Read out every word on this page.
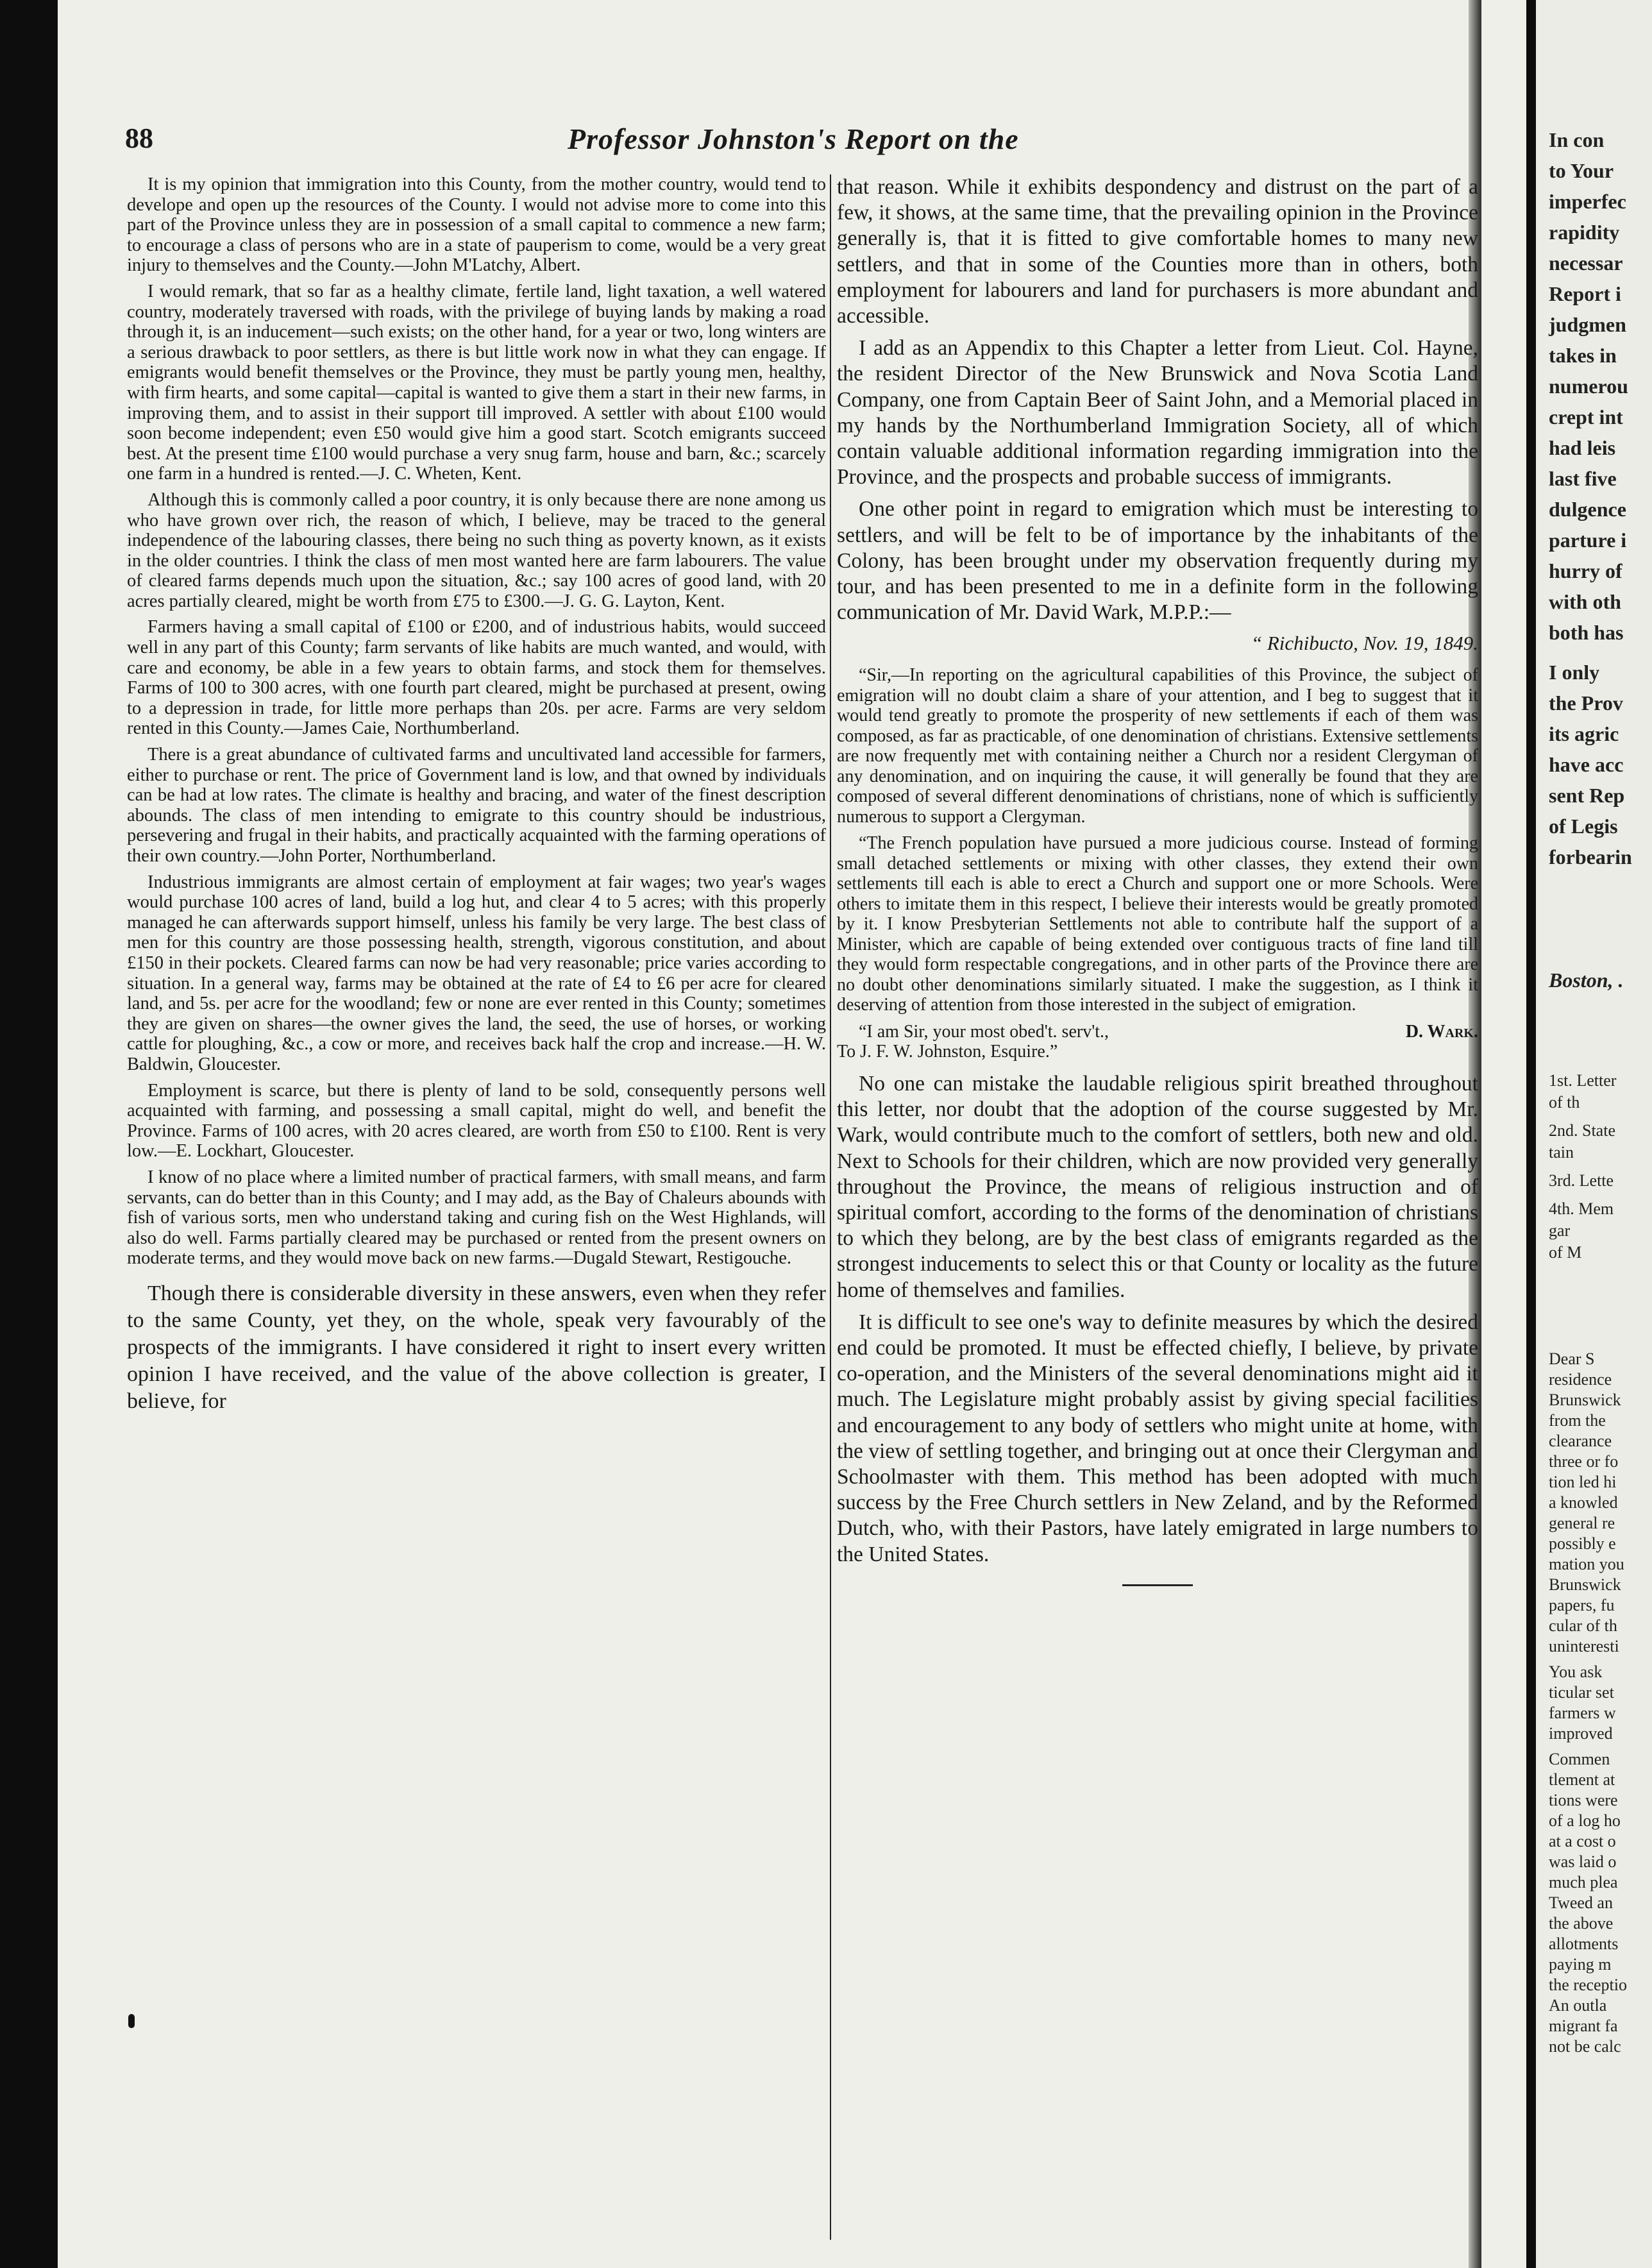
In con
to Your
imperfec
rapidity
necessar
Report i
judgmen
takes in
numerou
crept int
had leis
last five
dulgence
parture i
hurry of
with oth
both has
I only
the Prov
its agric
have acc
sent Rep
of Legis
forbearin
Boston, .
1st. Letter
of th
2nd. State
tain
3rd. Lette
4th. Mem
gar
of M
Dear S
residence
Brunswick
from the
clearance
three or fo
tion led hi
a knowled
general re
possibly e
mation you
Brunswick
papers, fu
cular of th
uninteresti
You ask
ticular set
farmers w
improved
Commen
tlement at
tions were
of a log ho
at a cost o
was laid o
much plea
Tweed an
the above
allotments
paying m
the receptio
An outla
migrant fa
not be calc
88	Professor Johnston's Report on the

It is my opinion that immigration into this County, from the mother country, would tend to develope and open up the resources of the County. I would not advise more to come into this part of the Province unless they are in possession of a small capital to commence a new farm; to encourage a class of persons who are in a state of pauperism to come, would be a very great injury to themselves and the County.—John M'Latchy, Albert.

I would remark, that so far as a healthy climate, fertile land, light taxation, a well watered country, moderately traversed with roads, with the privilege of buying lands by making a road through it, is an inducement—such exists; on the other hand, for a year or two, long winters are a serious drawback to poor settlers, as there is but little work now in what they can engage. If emigrants would benefit themselves or the Province, they must be partly young men, healthy, with firm hearts, and some capital—capital is wanted to give them a start in their new farms, in improving them, and to assist in their support till improved. A settler with about £100 would soon become independent; even £50 would give him a good start. Scotch emigrants succeed best. At the present time £100 would purchase a very snug farm, house and barn, &c.; scarcely one farm in a hundred is rented.—J. C. Wheten, Kent.

Although this is commonly called a poor country, it is only because there are none among us who have grown over rich, the reason of which, I believe, may be traced to the general independence of the labouring classes, there being no such thing as poverty known, as it exists in the older countries. I think the class of men most wanted here are farm labourers. The value of cleared farms depends much upon the situation, &c.; say 100 acres of good land, with 20 acres partially cleared, might be worth from £75 to £300.—J. G. G. Layton, Kent.

Farmers having a small capital of £100 or £200, and of industrious habits, would succeed well in any part of this County; farm servants of like habits are much wanted, and would, with care and economy, be able in a few years to obtain farms, and stock them for themselves. Farms of 100 to 300 acres, with one fourth part cleared, might be purchased at present, owing to a depression in trade, for little more perhaps than 20s. per acre. Farms are very seldom rented in this County.—James Caie, Northumberland.

There is a great abundance of cultivated farms and uncultivated land accessible for farmers, either to purchase or rent. The price of Government land is low, and that owned by individuals can be had at low rates. The climate is healthy and bracing, and water of the finest description abounds. The class of men intending to emigrate to this country should be industrious, persevering and frugal in their habits, and practically acquainted with the farming operations of their own country.—John Porter, Northumberland.

Industrious immigrants are almost certain of employment at fair wages; two year's wages would purchase 100 acres of land, build a log hut, and clear 4 to 5 acres; with this properly managed he can afterwards support himself, unless his family be very large. The best class of men for this country are those possessing health, strength, vigorous constitution, and about £150 in their pockets. Cleared farms can now be had very reasonable; price varies according to situation. In a general way, farms may be obtained at the rate of £4 to £6 per acre for cleared land, and 5s. per acre for the woodland; few or none are ever rented in this County; sometimes they are given on shares—the owner gives the land, the seed, the use of horses, or working cattle for ploughing, &c., a cow or more, and receives back half the crop and increase.—H. W. Baldwin, Gloucester.

Employment is scarce, but there is plenty of land to be sold, consequently persons well acquainted with farming, and possessing a small capital, might do well, and benefit the Province. Farms of 100 acres, with 20 acres cleared, are worth from £50 to £100. Rent is very low.—E. Lockhart, Gloucester.

I know of no place where a limited number of practical farmers, with small means, and farm servants, can do better than in this County; and I may add, as the Bay of Chaleurs abounds with fish of various sorts, men who understand taking and curing fish on the West Highlands, will also do well. Farms partially cleared may be purchased or rented from the present owners on moderate terms, and they would move back on new farms.—Dugald Stewart, Restigouche.

Though there is considerable diversity in these answers, even when they refer to the same County, yet they, on the whole, speak very favourably of the prospects of the immigrants. I have considered it right to insert every written opinion I have received, and the value of the above collection is greater, I believe, for

that reason. While it exhibits despondency and distrust on the part of a few, it shows, at the same time, that the prevailing opinion in the Province generally is, that it is fitted to give comfortable homes to many new settlers, and that in some of the Counties more than in others, both employment for labourers and land for purchasers is more abundant and accessible.

I add as an Appendix to this Chapter a letter from Lieut. Col. Hayne, the resident Director of the New Brunswick and Nova Scotia Land Company, one from Captain Beer of Saint John, and a Memorial placed in my hands by the Northumberland Immigration Society, all of which contain valuable additional information regarding immigration into the Province, and the prospects and probable success of immigrants.

One other point in regard to emigration which must be interesting to settlers, and will be felt to be of importance by the inhabitants of the Colony, has been brought under my observation frequently during my tour, and has been presented to me in a definite form in the following communication of Mr. David Wark, M.P.P.:—

“ Richibucto, Nov. 19, 1849.

“Sir,—In reporting on the agricultural capabilities of this Province, the subject of emigration will no doubt claim a share of your attention, and I beg to suggest that it would tend greatly to promote the prosperity of new settlements if each of them was composed, as far as practicable, of one denomination of christians. Extensive settlements are now frequently met with containing neither a Church nor a resident Clergyman of any denomination, and on inquiring the cause, it will generally be found that they are composed of several different denominations of christians, none of which is sufficiently numerous to support a Clergyman.

“The French population have pursued a more judicious course. Instead of forming small detached settlements or mixing with other classes, they extend their own settlements till each is able to erect a Church and support one or more Schools. Were others to imitate them in this respect, I believe their interests would be greatly promoted by it. I know Presbyterian Settlements not able to contribute half the support of a Minister, which are capable of being extended over contiguous tracts of fine land till they would form respectable congregations, and in other parts of the Province there are no doubt other denominations similarly situated. I make the suggestion, as I think it deserving of attention from those interested in the subject of emigration.

D. Wark.
“I am Sir, your most obed't. serv't.,

To J. F. W. Johnston, Esquire.”

No one can mistake the laudable religious spirit breathed throughout this letter, nor doubt that the adoption of the course suggested by Mr. Wark, would contribute much to the comfort of settlers, both new and old. Next to Schools for their children, which are now provided very generally throughout the Province, the means of religious instruction and of spiritual comfort, according to the forms of the denomination of christians to which they belong, are by the best class of emigrants regarded as the strongest inducements to select this or that County or locality as the future home of themselves and families.

It is difficult to see one's way to definite measures by which the desired end could be promoted. It must be effected chiefly, I believe, by private co-operation, and the Ministers of the several denominations might aid it much. The Legislature might probably assist by giving special facilities and encouragement to any body of settlers who might unite at home, with the view of settling together, and bringing out at once their Clergyman and Schoolmaster with them. This method has been adopted with much success by the Free Church settlers in New Zeland, and by the Reformed Dutch, who, with their Pastors, have lately emigrated in large numbers to the United States.
